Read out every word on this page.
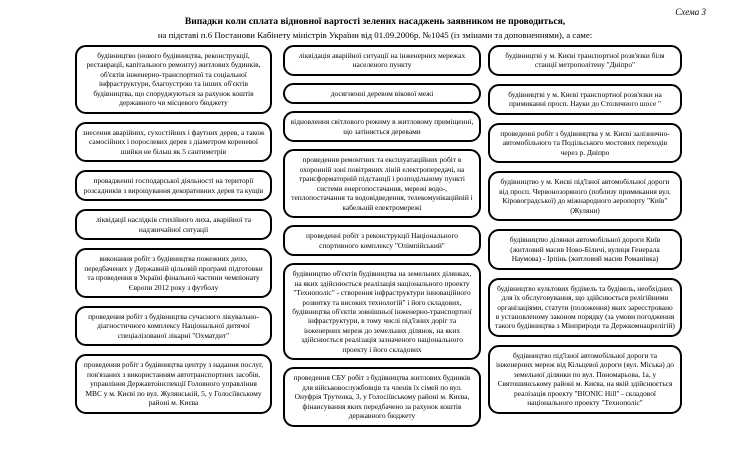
Схема 3
Випадки коли сплата відновної вартості зелених насаджень заявником не проводиться,
на підставі п.6 Постанови Кабінету міністрів України від 01.09.2006р. №1045 (із змінами та доповненнями), а саме:
будівництво (нового будівництва, реконструкції, реставрації, капітального ремонту) житлових будинків, об'єктів інженерно-транспортної та соціальної інфраструктури, благоустрою та інших об'єктів будівництва, що споруджуються за рахунок коштів державного чи місцевого бюджету
знесення аварійних, сухостійних і фаутних дерев, а також самосійних і порослевих дерев з діаметром кореневої шийки не більш як 5 сантиметрів
провадженні господарської діяльності на території розсадників з вирощування декоративних дерев та кущів
ліквідації наслідків стихійного лиха, аварійної та надзвичайної ситуації
виконання робіт з будівництва пожежних депо, передбачених у Державній цільовій програмі підготовки та проведення в Україні фінальної частини чемпіонату Європи 2012 року з футболу
проведення робіт з будівництва сучасного лікувально-діагностичного комплексу Національної дитячої спеціалізованої лікарні "Охматдит"
проведення робіт з будівництва центру з надання послуг, пов'язаних з використанням автотранспортних засобів, управління Державтоінспекції Головного управління МВС у м. Києві по вул. Жулянській, 5, у Голосіївському районі м. Києва
ліквідація аварійної ситуації на інженерних мережах населеного пункту
досягненні деревом вікової межі
відновлення світлового режиму в житловому приміщенні, що затіняється деревами
проведення ремонтних та експлуатаційних робіт в охоронній зоні повітряних ліній електропередачі, на трансформаторній підстанції і розподільному пункті системи енергопостачання, мережі водо-, теплопостачання та водовідведення, телекомунікаційній і кабельній електромережі
проведенні робіт з реконструкції Національного спортивного комплексу "Олімпійський"
будівництво об'єктів будівництва на земельних ділянках, на яких здійснюється реалізація національного проекту "Технополіс" - створення інфраструктури інноваційного розвитку та високих технологій" і його складових, будівництва об'єктів зовнішньої інженерно-транспортної інфраструктури, в тому числі під'їзних доріг та інженерних мереж до земельних ділянок, на яких здійснюється реалізація зазначеного національного проекту і його складових
проведення СБУ робіт з будівництва житлових будинків для військовослужбовців та членів їх сімей по вул. Онуфрія Трутенка, 3, у Голосіївському районі м. Києва, фінансування яких передбачено за рахунок коштів державного бюджету
будівництві у м. Києві транспортної розв'язки біля станції метрополітену "Дніпро"
будівництві у м. Києві транспортної розв'язки на примиканні просп. Науки до Столичного шосе "
проведенні робіт з будівництва у м. Києві залізнично-автомобільного та Подільського мостових переходів через р. Дніпро
будівництво у м. Києві під'їзної автомобільної дороги від просп. Червонозоряного (поблизу примикання вул. Кіровоградської) до міжнародного аеропорту "Київ" (Жуляни)
будівництво ділянки автомобільної дороги Київ (житловий масив Ново-Біличі, вулиця Генерала Наумова) - Ірпінь (житловий масив Романівка)
будівництво культових будівель та будівель, необхідних для їх обслуговування, що здійснюється релігійними організаціями, статути (положення) яких зареєстровано в установленому законом порядку (за умови погодження такого будівництва з Мінприроди та Держкомнацрелігій)
будівництво під'їзної автомобільної дороги та інженерних мереж від Кільцевої дороги (вул. Міська) до земельної ділянки по вул. Пономарьова, 1а, у Святошинському районі м. Києва, на якій здійснюється реалізація проекту "BIONIC Hill" - складової національного проекту "Технополіс"
